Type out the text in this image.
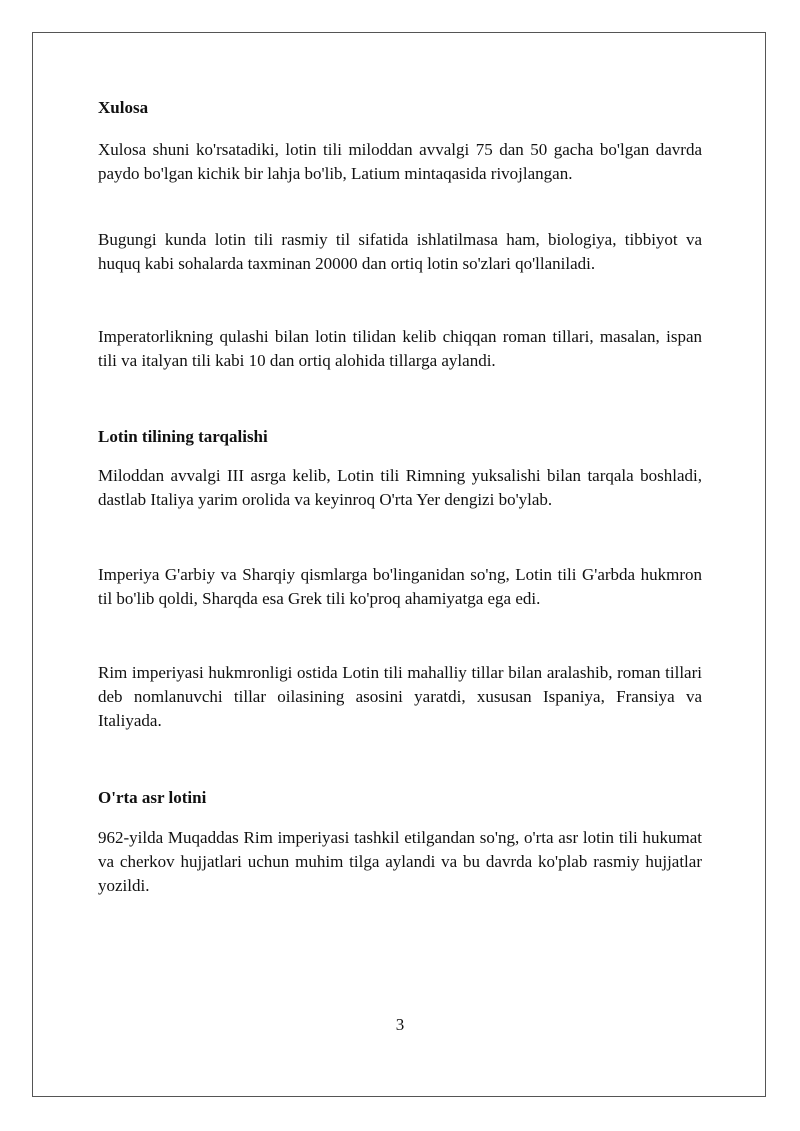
Xulosa

Xulosa shuni ko'rsatadiki, lotin tili miloddan avvalgi 75 dan 50 gacha bo'lgan davrda paydo bo'lgan kichik bir lahja bo'lib, Latium mintaqasida rivojlangan.

Bugungi kunda lotin tili rasmiy til sifatida ishlatilmasa ham, biologiya, tibbiyot va huquq kabi sohalarda taxminan 20000 dan ortiq lotin so'zlari qo'llaniladi.

Imperatorlikning qulashi bilan lotin tilidan kelib chiqqan roman tillari, masalan, ispan tili va italyan tili kabi 10 dan ortiq alohida tillarga aylandi.

Lotin tilining tarqalishi

Miloddan avvalgi III asrga kelib, Lotin tili Rimning yuksalishi bilan tarqala boshladi, dastlab Italiya yarim orolida va keyinroq O'rta Yer dengizi bo'ylab.

Imperiya G'arbiy va Sharqiy qismlarga bo'linganidan so'ng, Lotin tili G'arbda hukmron til bo'lib qoldi, Sharqda esa Grek tili ko'proq ahamiyatga ega edi.

Rim imperiyasi hukmronligi ostida Lotin tili mahalliy tillar bilan aralashib, roman tillari deb nomlanuvchi tillar oilasining asosini yaratdi, xususan Ispaniya, Fransiya va Italiyada.

O'rta asr lotini

962-yilda Muqaddas Rim imperiyasi tashkil etilgandan so'ng, o'rta asr lotin tili hukumat va cherkov hujjatlari uchun muhim tilga aylandi va bu davrda ko'plab rasmiy hujjatlar yozildi.

3
